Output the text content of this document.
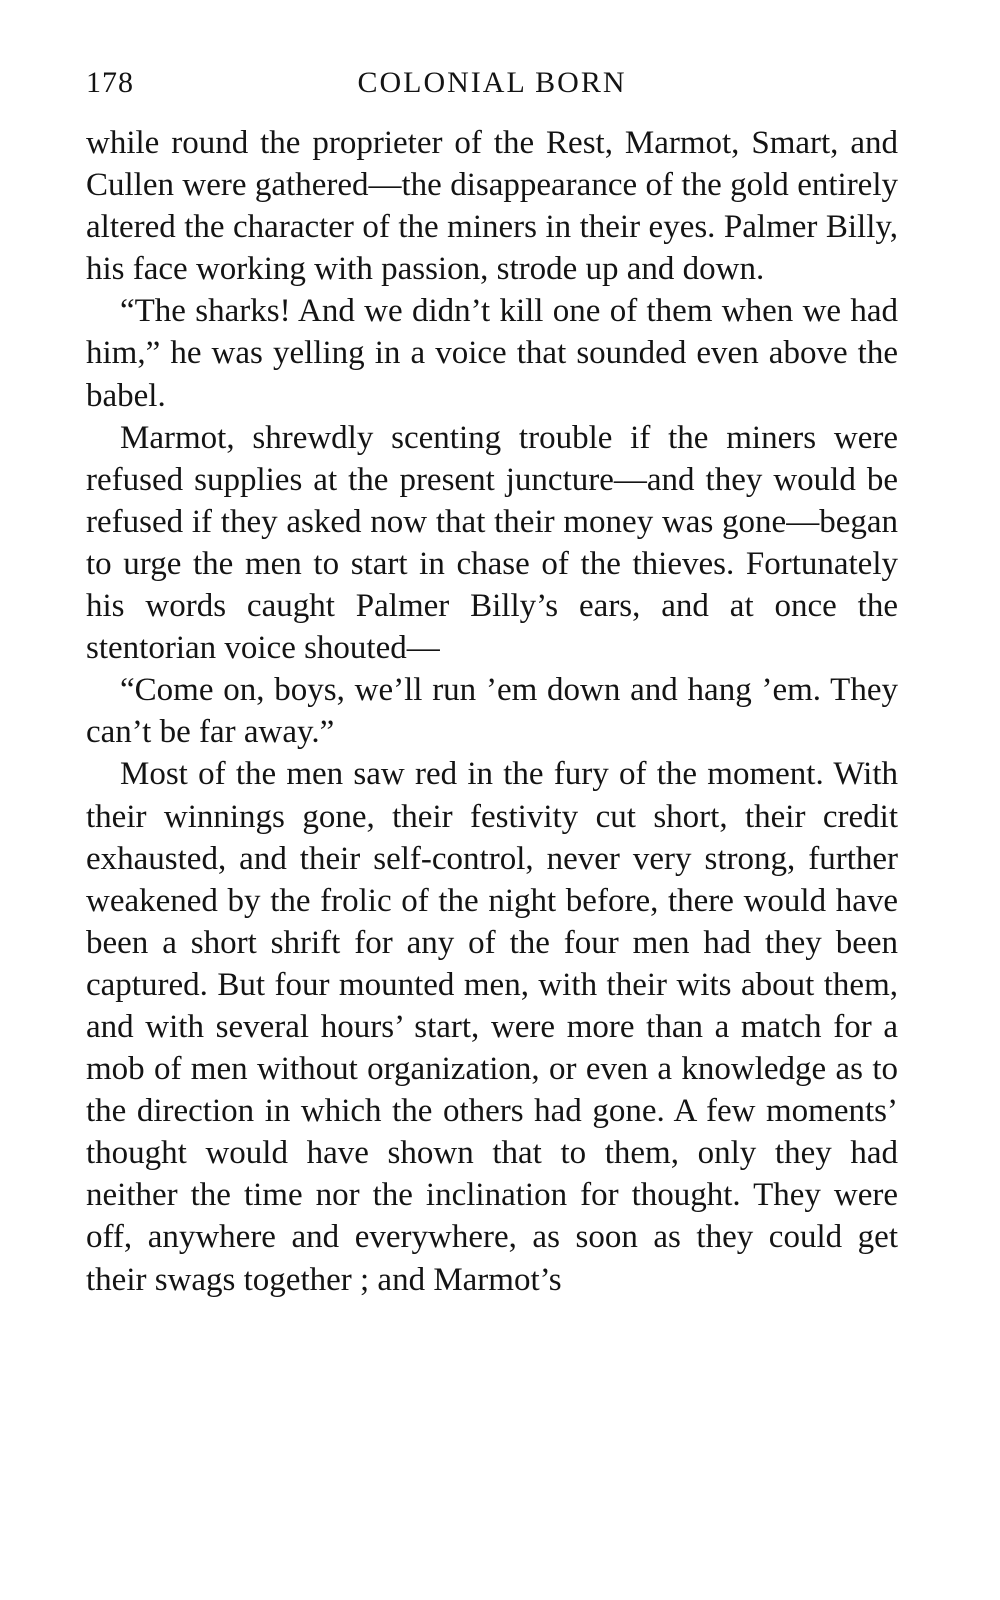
178	COLONIAL BORN

while round the proprieter of the Rest, Marmot, Smart, and Cullen were gathered—the disappearance of the gold entirely altered the character of the miners in their eyes. Palmer Billy, his face working with passion, strode up and down.

“The sharks! And we didn’t kill one of them when we had him,” he was yelling in a voice that sounded even above the babel.

Marmot, shrewdly scenting trouble if the miners were refused supplies at the present juncture—and they would be refused if they asked now that their money was gone—began to urge the men to start in chase of the thieves. Fortunately his words caught Palmer Billy’s ears, and at once the stentorian voice shouted—

“Come on, boys, we’ll run ’em down and hang ’em. They can’t be far away.”

Most of the men saw red in the fury of the moment. With their winnings gone, their festivity cut short, their credit exhausted, and their self-control, never very strong, further weakened by the frolic of the night before, there would have been a short shrift for any of the four men had they been captured. But four mounted men, with their wits about them, and with several hours’ start, were more than a match for a mob of men without organization, or even a knowledge as to the direction in which the others had gone. A few moments’ thought would have shown that to them, only they had neither the time nor the inclination for thought. They were off, anywhere and everywhere, as soon as they could get their swags together ; and Marmot’s
